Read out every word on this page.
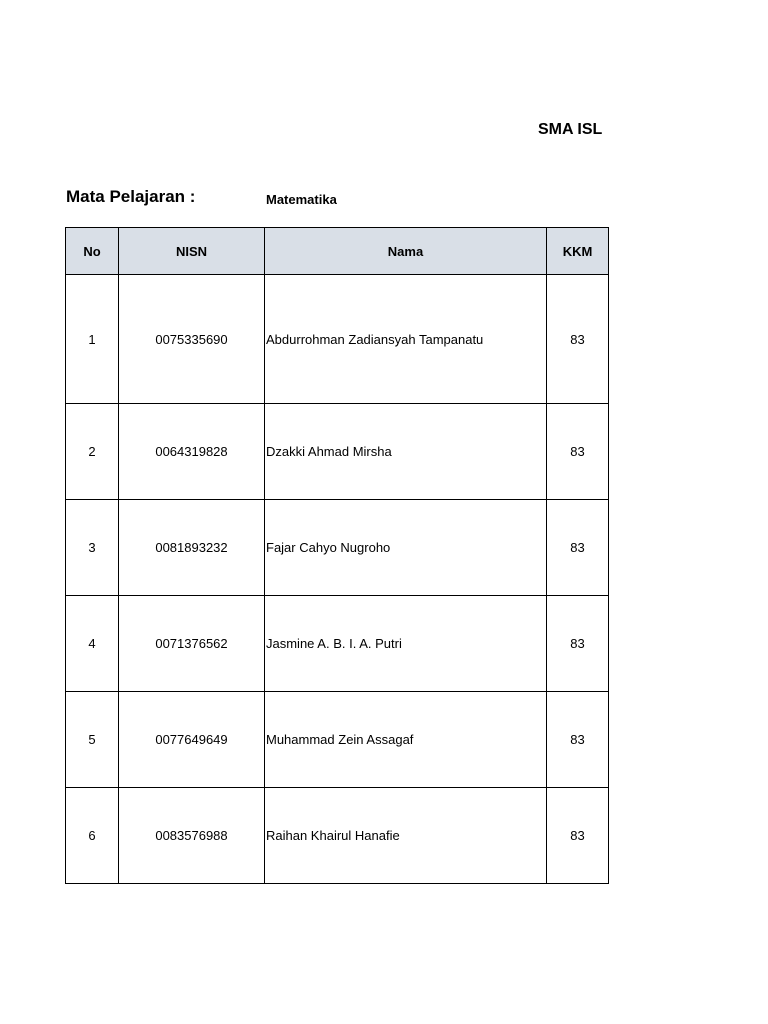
SMA ISL
Mata Pelajaran :	Matematika
No	NISN	Nama	KKM
1	0075335690	Abdurrohman Zadiansyah Tampanatu	83
2	0064319828	Dzakki Ahmad Mirsha	83
3	0081893232	Fajar Cahyo Nugroho	83
4	0071376562	Jasmine A. B. I. A. Putri	83
5	0077649649	Muhammad Zein Assagaf	83
6	0083576988	Raihan Khairul Hanafie	83
